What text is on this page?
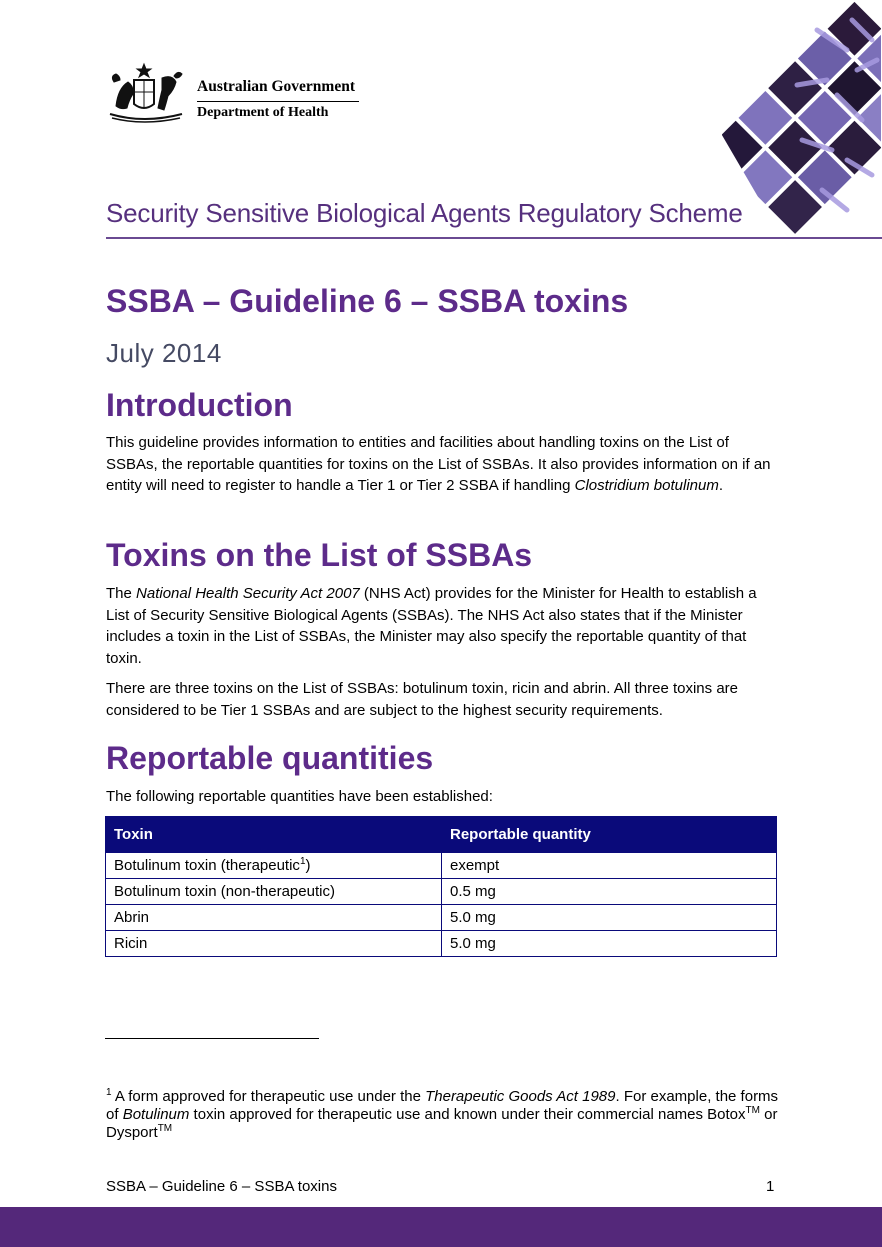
Australian Government
Department of Health
Security Sensitive Biological Agents Regulatory Scheme
SSBA – Guideline 6 – SSBA toxins
July 2014
Introduction

This guideline provides information to entities and facilities about handling toxins on the List of SSBAs, the reportable quantities for toxins on the List of SSBAs. It also provides information on if an entity will need to register to handle a Tier 1 or Tier 2 SSBA if handling Clostridium botulinum.

Toxins on the List of SSBAs

The National Health Security Act 2007 (NHS Act) provides for the Minister for Health to establish a List of Security Sensitive Biological Agents (SSBAs). The NHS Act also states that if the Minister includes a toxin in the List of SSBAs, the Minister may also specify the reportable quantity of that toxin.

There are three toxins on the List of SSBAs: botulinum toxin, ricin and abrin. All three toxins are considered to be Tier 1 SSBAs and are subject to the highest security requirements.

Reportable quantities
The following reportable quantities have been established:
Toxin	Reportable quantity
Botulinum toxin (therapeutic$^1$)	exempt
Botulinum toxin (non-therapeutic)	0.5 mg
Abrin	5.0 mg
Ricin	5.0 mg

$^1$ A form approved for therapeutic use under the Therapeutic Goods Act 1989. For example, the forms of Botulinum toxin approved for therapeutic use and known under their commercial names Botox™ or Dysport™

SSBA – Guideline 6 – SSBA toxins	1
